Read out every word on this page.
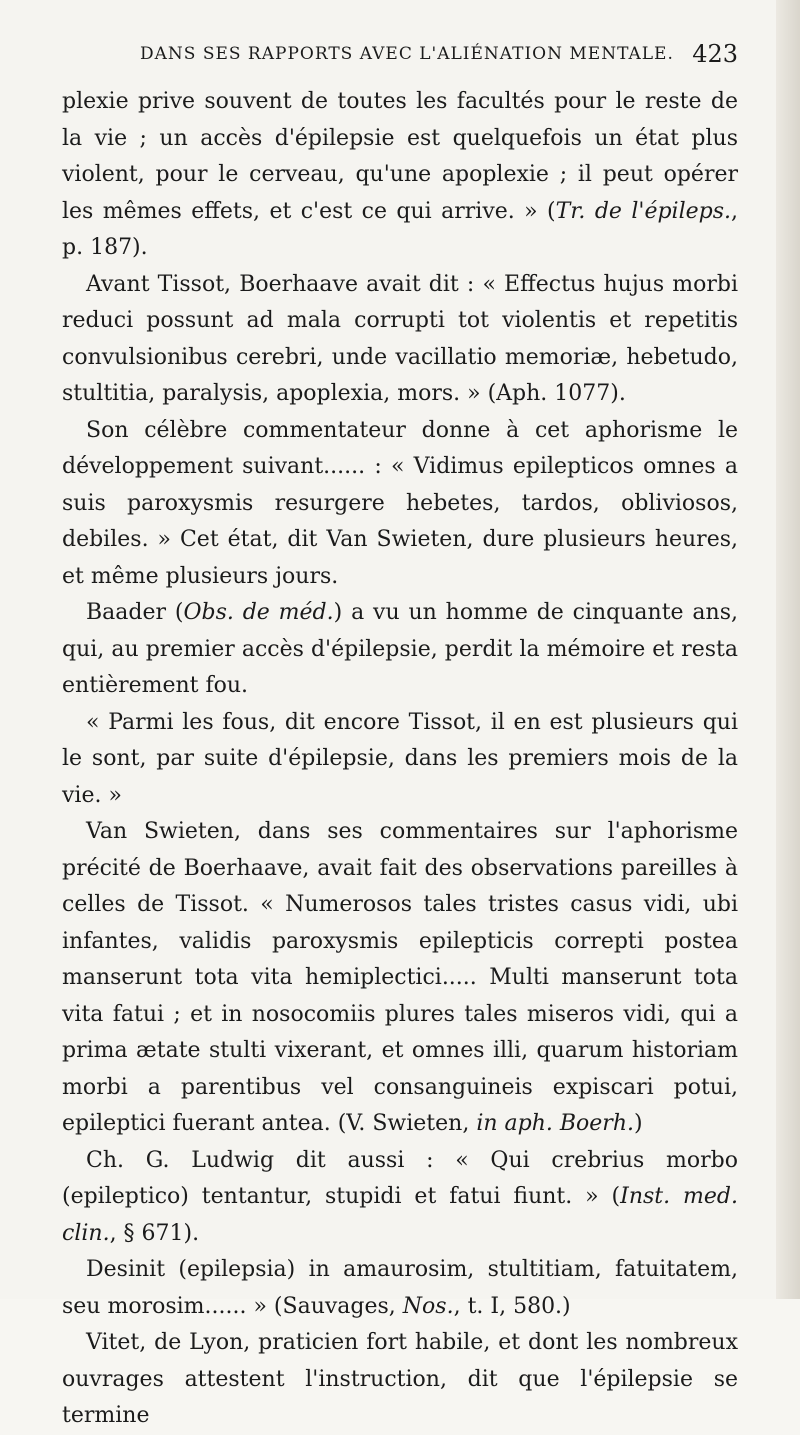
DANS SES RAPPORTS AVEC L'ALIÉNATION MENTALE. 423

plexie prive souvent de toutes les facultés pour le reste de la vie ; un accès d'épilepsie est quelquefois un état plus violent, pour le cerveau, qu'une apoplexie ; il peut opérer les mêmes effets, et c'est ce qui arrive. » (Tr. de l'épileps., p. 187).

Avant Tissot, Boerhaave avait dit : « Effectus hujus morbi reduci possunt ad mala corrupti tot violentis et repetitis convulsionibus cerebri, unde vacillatio memoriæ, hebetudo, stultitia, paralysis, apoplexia, mors. » (Aph. 1077).

Son célèbre commentateur donne à cet aphorisme le développement suivant...... : « Vidimus epilepticos omnes a suis paroxysmis resurgere hebetes, tardos, obliviosos, debiles. » Cet état, dit Van Swieten, dure plusieurs heures, et même plusieurs jours.

Baader (Obs. de méd.) a vu un homme de cinquante ans, qui, au premier accès d'épilepsie, perdit la mémoire et resta entièrement fou.

« Parmi les fous, dit encore Tissot, il en est plusieurs qui le sont, par suite d'épilepsie, dans les premiers mois de la vie. »

Van Swieten, dans ses commentaires sur l'aphorisme précité de Boerhaave, avait fait des observations pareilles à celles de Tissot. « Numerosos tales tristes casus vidi, ubi infantes, validis paroxysmis epilepticis correpti postea manserunt tota vita hemiplectici..... Multi manserunt tota vita fatui ; et in nosocomiis plures tales miseros vidi, qui a prima ætate stulti vixerant, et omnes illi, quarum historiam morbi a parentibus vel consanguineis expiscari potui, epileptici fuerant antea. (V. Swieten, in aph. Boerh.)

Ch. G. Ludwig dit aussi : « Qui crebrius morbo (epileptico) tentantur, stupidi et fatui fiunt. » (Inst. med. clin., § 671).

Desinit (epilepsia) in amaurosim, stultitiam, fatuitatem, seu morosim...... » (Sauvages, Nos., t. I, 580.)

Vitet, de Lyon, praticien fort habile, et dont les nombreux ouvrages attestent l'instruction, dit que l'épilepsie se termine
